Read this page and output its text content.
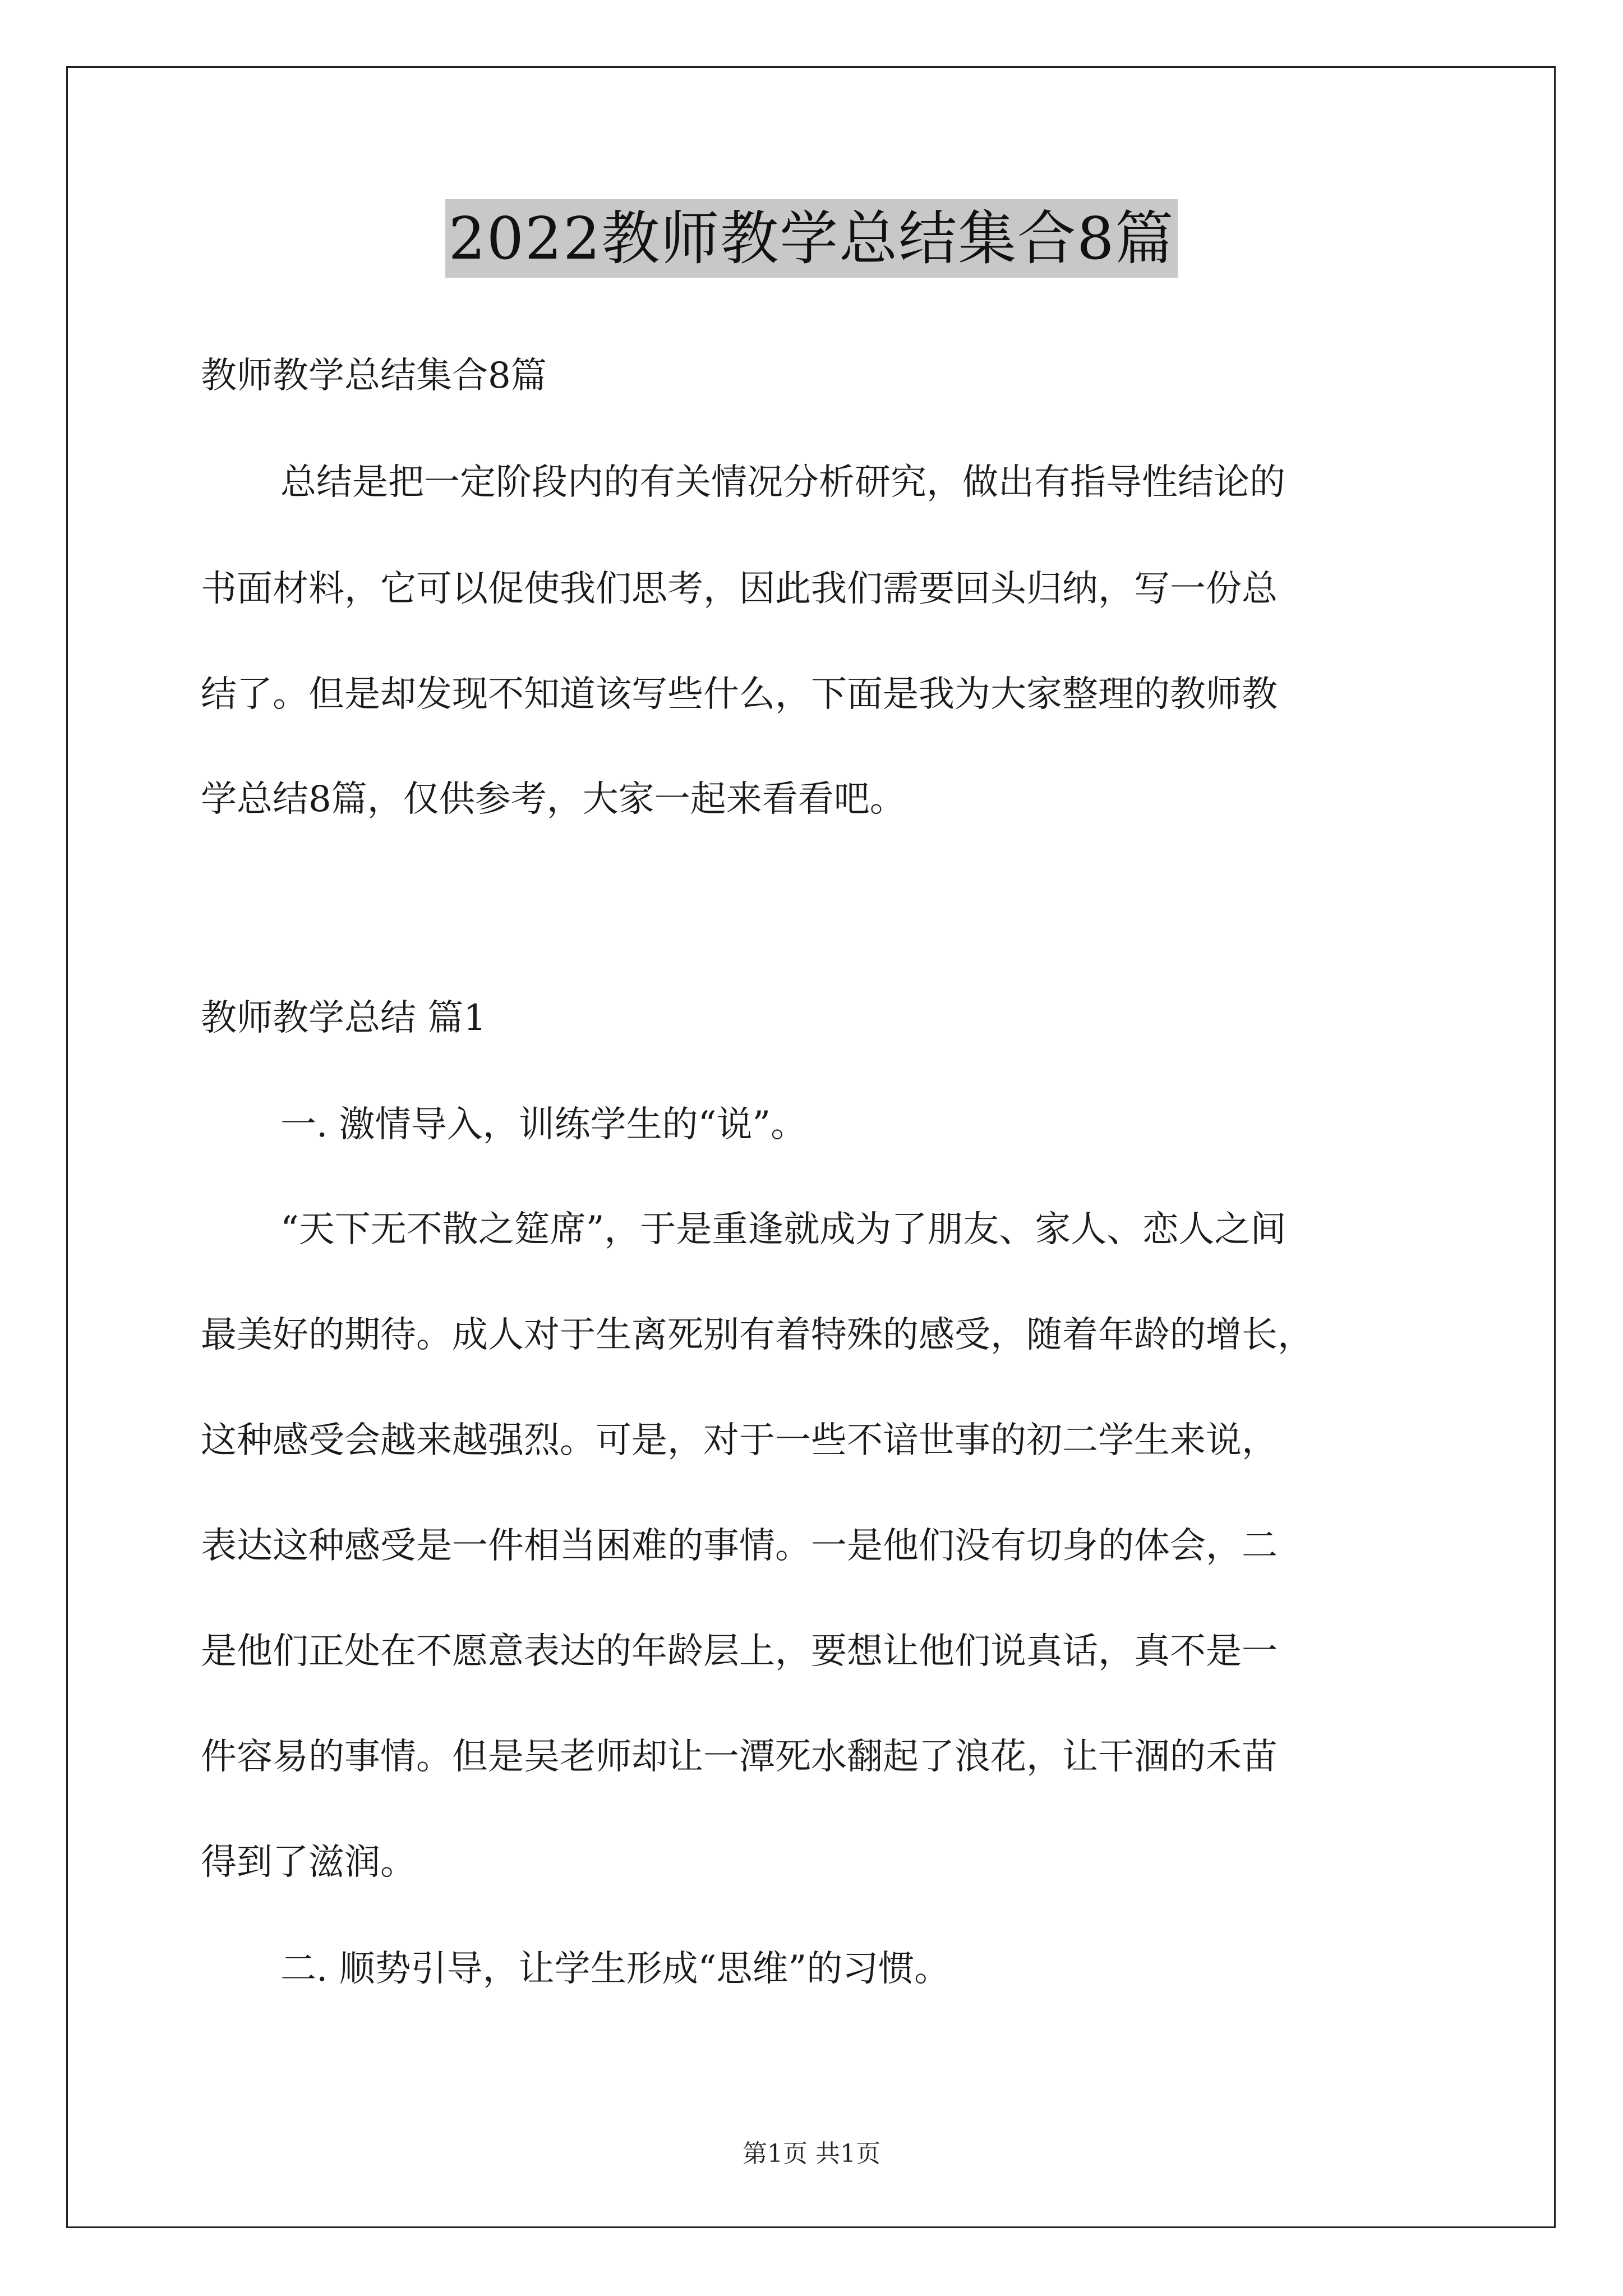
2022教师教学总结集合8篇
教师教学总结集合8篇
总结是把一定阶段内的有关情况分析研究，做出有指导性结论的
书面材料，它可以促使我们思考，因此我们需要回头归纳，写一份总
结了。但是却发现不知道该写些什么，下面是我为大家整理的教师教
学总结8篇，仅供参考，大家一起来看看吧。
教师教学总结 篇1
一. 激情导入，训练学生的“说”。
“天下无不散之筵席”，于是重逢就成为了朋友、家人、恋人之间
最美好的期待。成人对于生离死别有着特殊的感受，随着年龄的增长，
这种感受会越来越强烈。可是，对于一些不谙世事的初二学生来说，
表达这种感受是一件相当困难的事情。一是他们没有切身的体会，二
是他们正处在不愿意表达的年龄层上，要想让他们说真话，真不是一
件容易的事情。但是吴老师却让一潭死水翻起了浪花，让干涸的禾苗
得到了滋润。
二. 顺势引导，让学生形成“思维”的习惯。
第1页 共1页
